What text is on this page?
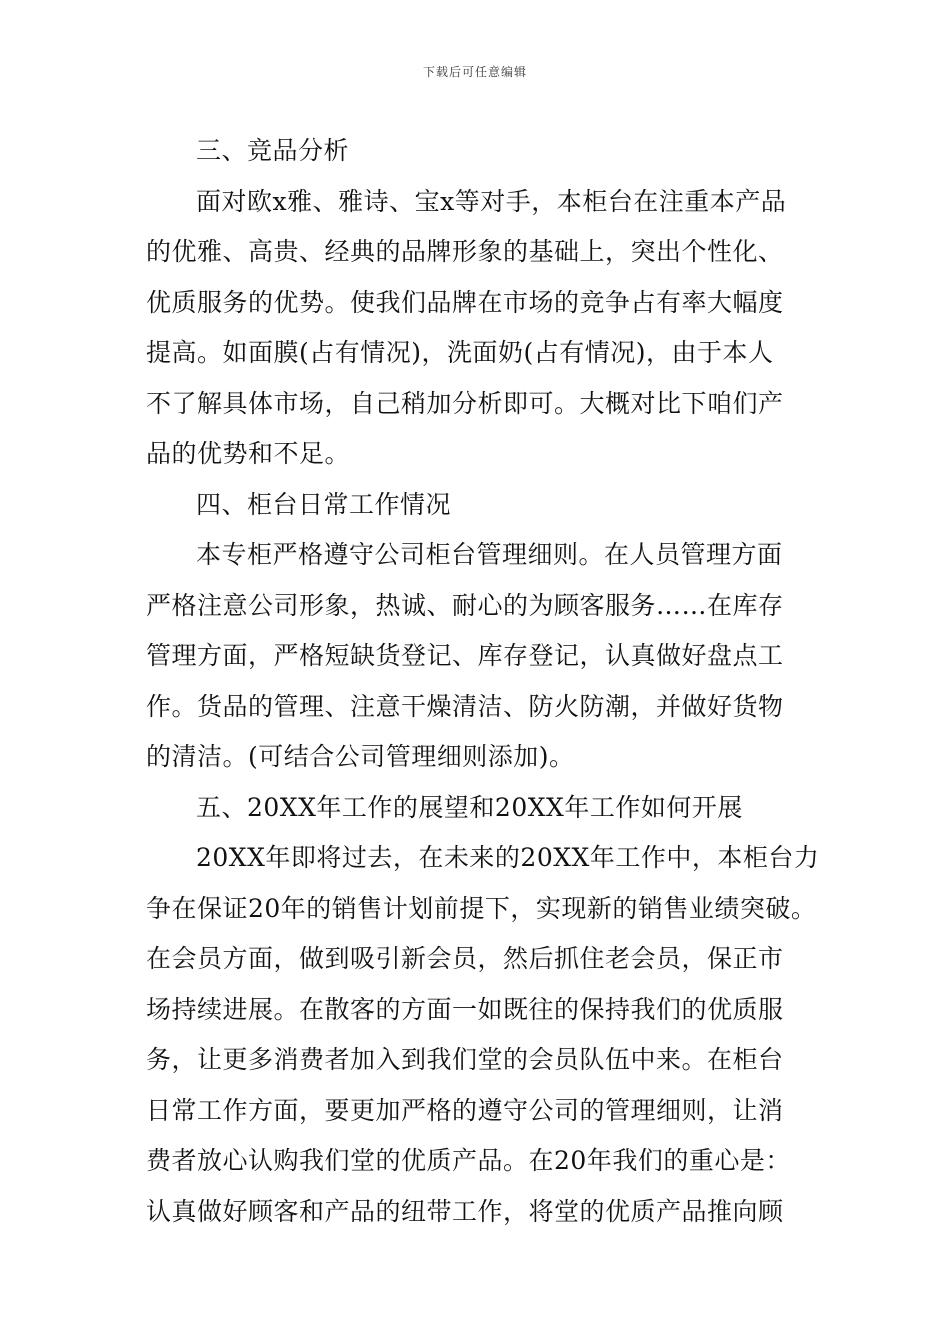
下载后可任意编辑
三、竞品分析
面对欧x雅、雅诗、宝x等对手，本柜台在注重本产品
的优雅、高贵、经典的品牌形象的基础上，突出个性化、
优质服务的优势。使我们品牌在市场的竞争占有率大幅度
提高。如面膜(占有情况)，洗面奶(占有情况)，由于本人
不了解具体市场，自己稍加分析即可。大概对比下咱们产
品的优势和不足。
四、柜台日常工作情况
本专柜严格遵守公司柜台管理细则。在人员管理方面
严格注意公司形象，热诚、耐心的为顾客服务……在库存
管理方面，严格短缺货登记、库存登记，认真做好盘点工
作。货品的管理、注意干燥清洁、防火防潮，并做好货物
的清洁。(可结合公司管理细则添加)。
五、20XX年工作的展望和20XX年工作如何开展
20XX年即将过去，在未来的20XX年工作中，本柜台力
争在保证20年的销售计划前提下，实现新的销售业绩突破。
在会员方面，做到吸引新会员，然后抓住老会员，保正市
场持续进展。在散客的方面一如既往的保持我们的优质服
务，让更多消费者加入到我们堂的会员队伍中来。在柜台
日常工作方面，要更加严格的遵守公司的管理细则，让消
费者放心认购我们堂的优质产品。在20年我们的重心是：
认真做好顾客和产品的纽带工作，将堂的优质产品推向顾
